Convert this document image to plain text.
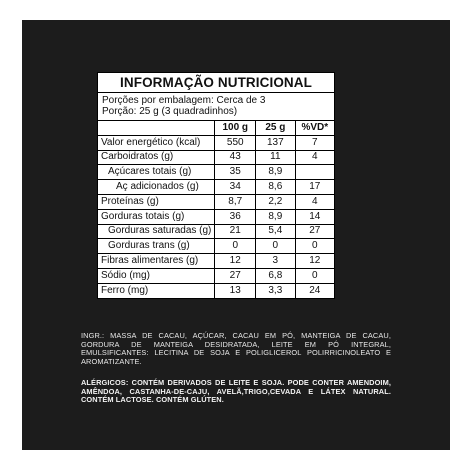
INFORMAÇÃO NUTRICIONAL
Porções por embalagem: Cerca de 3
Porção: 25 g (3 quadradinhos)
	100 g	25 g	%VD*
Valor energético (kcal)	550	137	7
Carboidratos (g)	43	11	4
Açúcares totais (g)	35	8,9	
Aç adicionados (g)	34	8,6	17
Proteínas (g)	8,7	2,2	4
Gorduras totais (g)	36	8,9	14
Gorduras saturadas (g)	21	5,4	27
Gorduras trans (g)	0	0	0
Fibras alimentares (g)	12	3	12
Sódio (mg)	27	6,8	0
Ferro (mg)	13	3,3	24
INGR.: MASSA DE CACAU, AÇÚCAR, CACAU EM PÓ, MANTEIGA DE CACAU, GORDURA DE MANTEIGA DESIDRATADA, LEITE EM PÓ INTEGRAL, EMULSIFICANTES: LECITINA DE SOJA E POLIGLICEROL POLIRRICINOLEATO E AROMATIZANTE.
ALÉRGICOS: CONTÉM DERIVADOS DE LEITE E SOJA. PODE CONTER AMENDOIM, AMÊNDOA, CASTANHA-DE-CAJU, AVELÃ,TRIGO,CEVADA E LÁTEX NATURAL. CONTÉM LACTOSE. CONTÉM GLÚTEN.
